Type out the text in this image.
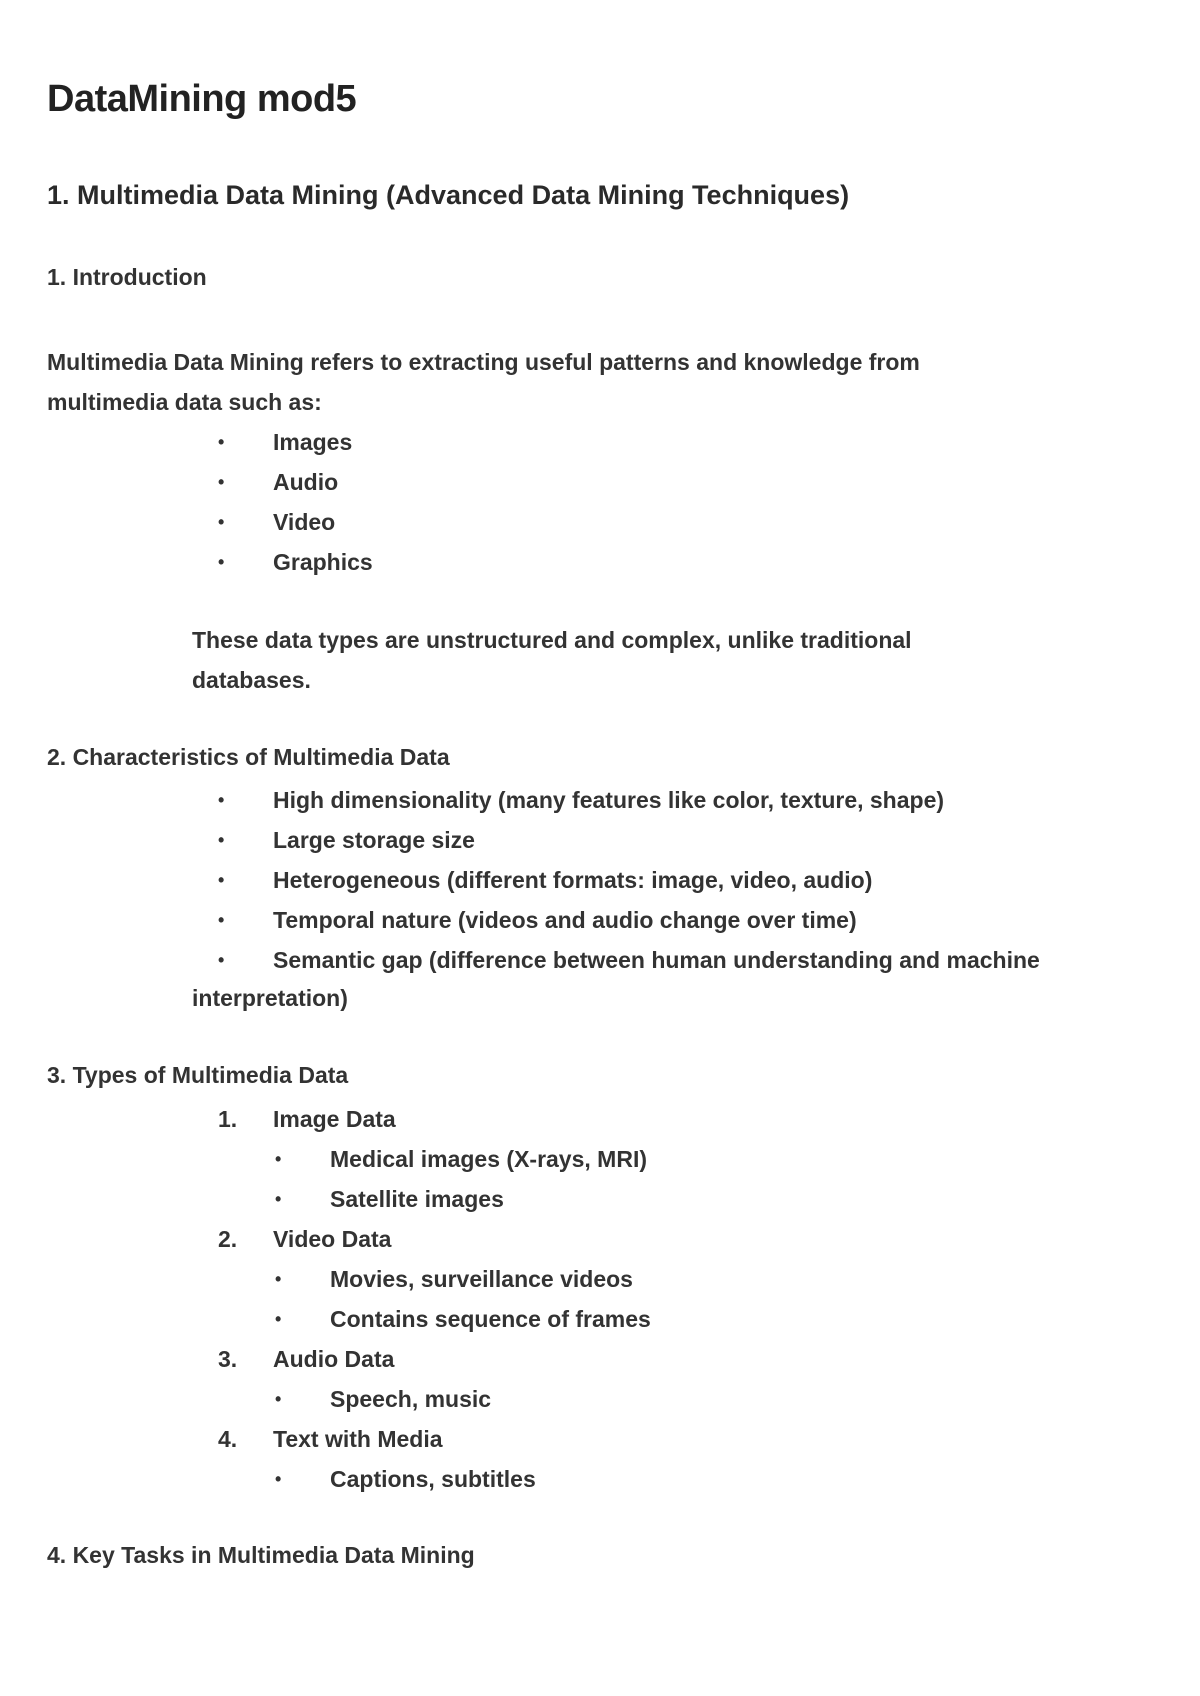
DataMining mod5
1. Multimedia Data Mining (Advanced Data Mining Techniques)
1. Introduction

Multimedia Data Mining refers to extracting useful patterns and knowledge from
multimedia data such as:

• Images
• Audio
• Video
• Graphics

These data types are unstructured and complex, unlike traditional
databases.

2. Characteristics of Multimedia Data
• High dimensionality (many features like color, texture, shape)
• Large storage size
• Heterogeneous (different formats: image, video, audio)
• Temporal nature (videos and audio change over time)
• Semantic gap (difference between human understanding and machine

interpretation)

3. Types of Multimedia Data
1. Image Data
• Medical images (X-rays, MRI)
• Satellite images
2. Video Data
• Movies, surveillance videos
• Contains sequence of frames
3. Audio Data
• Speech, music
4. Text with Media
• Captions, subtitles
4. Key Tasks in Multimedia Data Mining
